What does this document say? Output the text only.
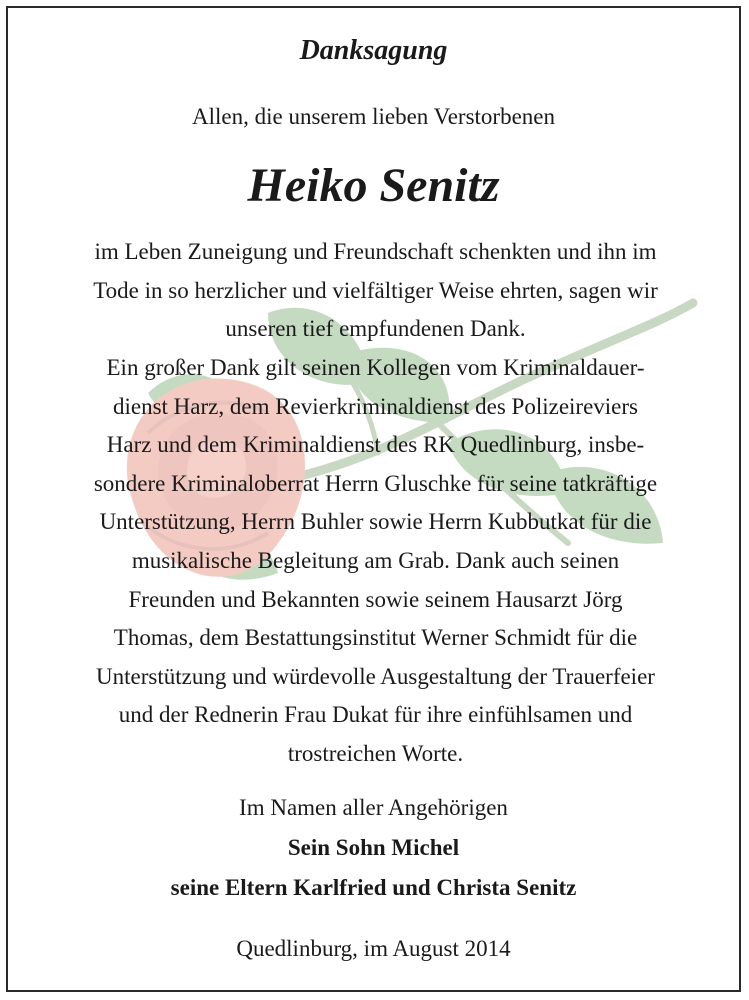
Danksagung
Allen, die unserem lieben Verstorbenen
Heiko Senitz
im Leben Zuneigung und Freundschaft schenkten und ihn im
Tode in so herzlicher und vielfältiger Weise ehrten, sagen wir
unseren tief empfundenen Dank.
Ein großer Dank gilt seinen Kollegen vom Kriminaldauer-
dienst Harz, dem Revierkriminaldienst des Polizeireviers
Harz und dem Kriminaldienst des RK Quedlinburg, insbe-
sondere Kriminaloberrat Herrn Gluschke für seine tatkräftige
Unterstützung, Herrn Buhler sowie Herrn Kubbutkat für die
musikalische Begleitung am Grab. Dank auch seinen
Freunden und Bekannten sowie seinem Hausarzt Jörg
Thomas, dem Bestattungsinstitut Werner Schmidt für die
Unterstützung und würdevolle Ausgestaltung der Trauerfeier
und der Rednerin Frau Dukat für ihre einfühlsamen und
trostreichen Worte.
Im Namen aller Angehörigen
Sein Sohn Michel
seine Eltern Karlfried und Christa Senitz
Quedlinburg, im August 2014
